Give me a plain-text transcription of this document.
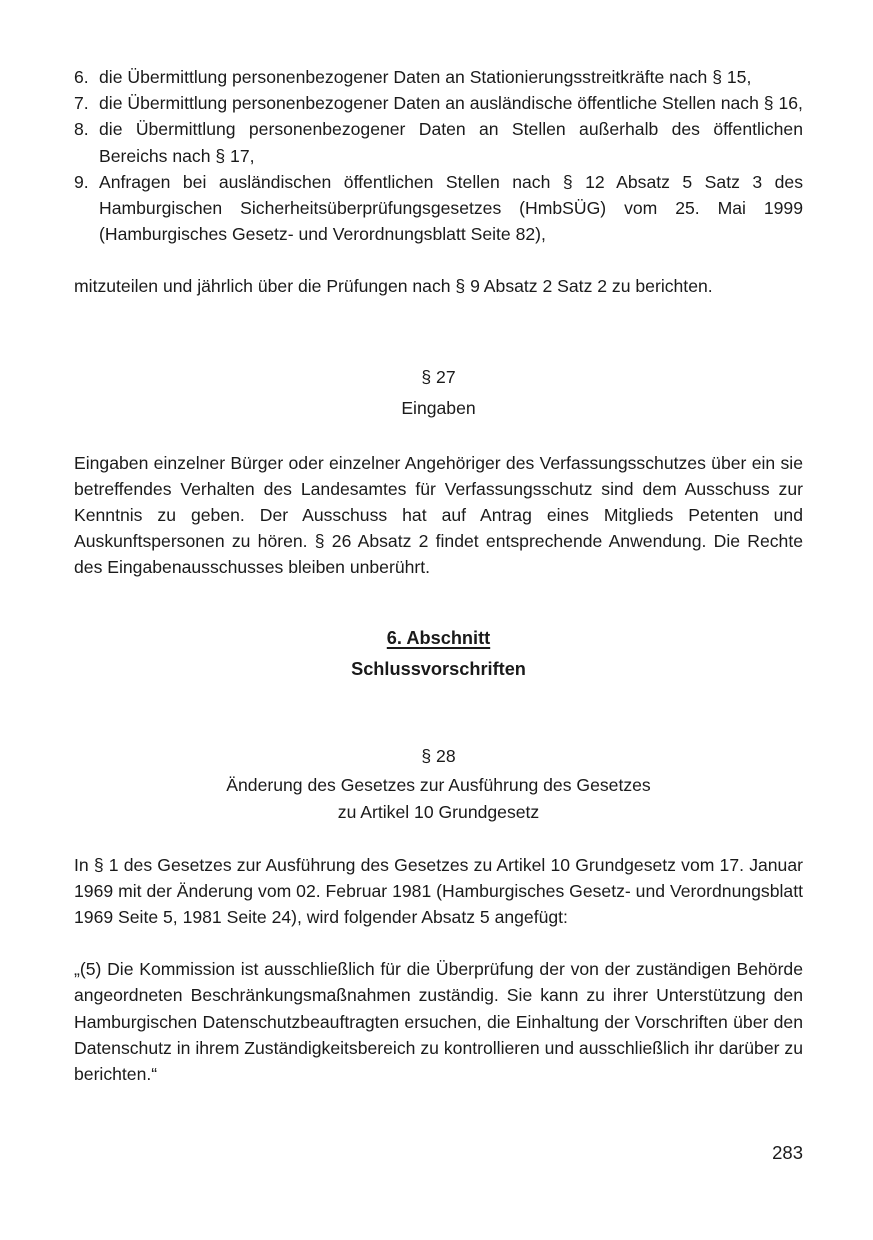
6. die Übermittlung personenbezogener Daten an Stationierungsstreitkräfte nach § 15,
7. die Übermittlung personenbezogener Daten an ausländische öffentliche Stellen nach § 16,
8. die Übermittlung personenbezogener Daten an Stellen außerhalb des öffentlichen Bereichs nach § 17,
9. Anfragen bei ausländischen öffentlichen Stellen nach § 12 Absatz 5 Satz 3 des Hamburgischen Sicherheitsüberprüfungsgesetzes (HmbSÜG) vom 25. Mai 1999 (Hamburgisches Gesetz- und Verordnungsblatt Seite 82),

mitzuteilen und jährlich über die Prüfungen nach § 9 Absatz 2 Satz 2 zu berichten.

§ 27

Eingaben

Eingaben einzelner Bürger oder einzelner Angehöriger des Verfassungsschutzes über ein sie betreffendes Verhalten des Landesamtes für Verfassungsschutz sind dem Ausschuss zur Kenntnis zu geben. Der Ausschuss hat auf Antrag eines Mitglieds Petenten und Auskunftspersonen zu hören. § 26 Absatz 2 findet entsprechende Anwendung. Die Rechte des Eingabenausschusses bleiben unberührt.

6. Abschnitt

Schlussvorschriften

§ 28

Änderung des Gesetzes zur Ausführung des Gesetzes

zu Artikel 10 Grundgesetz

In § 1 des Gesetzes zur Ausführung des Gesetzes zu Artikel 10 Grundgesetz vom 17. Januar 1969 mit der Änderung vom 02. Februar 1981 (Hamburgisches Gesetz- und Verordnungsblatt 1969 Seite 5, 1981 Seite 24), wird folgender Absatz 5 angefügt:

„(5) Die Kommission ist ausschließlich für die Überprüfung der von der zuständigen Behörde angeordneten Beschränkungsmaßnahmen zuständig. Sie kann zu ihrer Unterstützung den Hamburgischen Datenschutzbeauftragten ersuchen, die Einhaltung der Vorschriften über den Datenschutz in ihrem Zuständigkeitsbereich zu kontrollieren und ausschließlich ihr darüber zu berichten.“

283
